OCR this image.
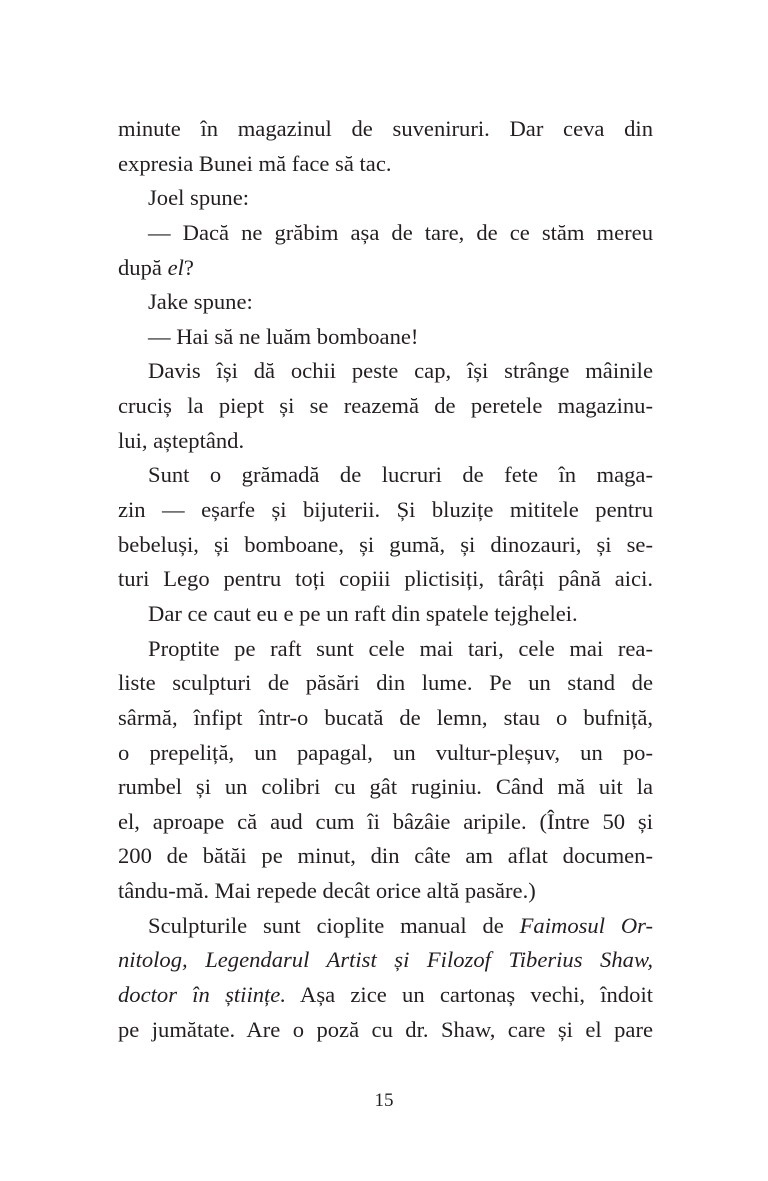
minute în magazinul de suveniruri. Dar ceva din
expresia Bunei mă face să tac.
Joel spune:
— Dacă ne grăbim așa de tare, de ce stăm mereu
după el?
Jake spune:
— Hai să ne luăm bomboane!
Davis își dă ochii peste cap, își strânge mâinile
cruciș la piept și se reazemă de peretele magazinu-
lui, așteptând.
Sunt o grămadă de lucruri de fete în maga-
zin — eșarfe și bijuterii. Și bluzițe mititele pentru
bebeluși, și bomboane, și gumă, și dinozauri, și se-
turi Lego pentru toți copiii plictisiți, târâți până aici.
Dar ce caut eu e pe un raft din spatele tejghelei.
Proptite pe raft sunt cele mai tari, cele mai rea-
liste sculpturi de păsări din lume. Pe un stand de
sârmă, înfipt într-o bucată de lemn, stau o bufniță,
o prepeliță, un papagal, un vultur-pleșuv, un po-
rumbel și un colibri cu gât ruginiu. Când mă uit la
el, aproape că aud cum îi bâzâie aripile. (Între 50 și
200 de bătăi pe minut, din câte am aflat documen-
tându-mă. Mai repede decât orice altă pasăre.)
Sculpturile sunt cioplite manual de Faimosul Or-
nitolog, Legendarul Artist și Filozof Tiberius Shaw,
doctor în științe. Așa zice un cartonaș vechi, îndoit
pe jumătate. Are o poză cu dr. Shaw, care și el pare
15
